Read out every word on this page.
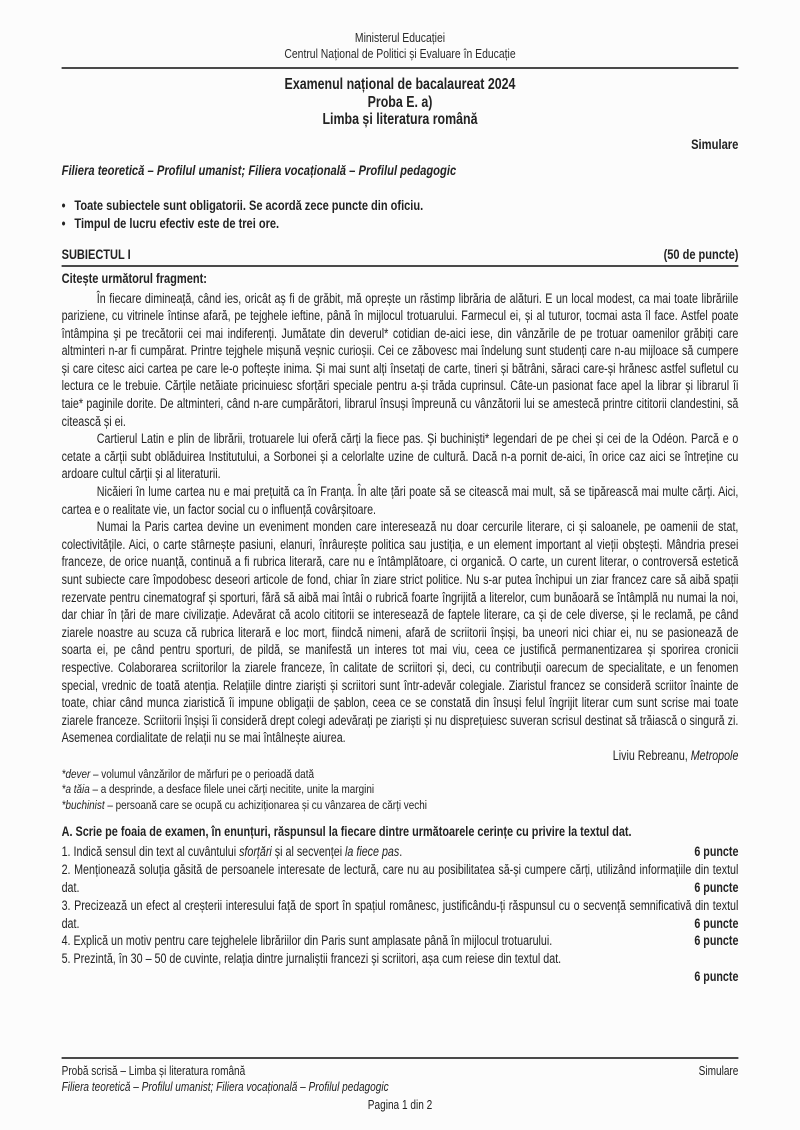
Ministerul Educației
Centrul Național de Politici și Evaluare în Educație
Examenul național de bacalaureat 2024
Proba E. a)
Limba și literatura română
Simulare
Filiera teoretică – Profilul umanist; Filiera vocațională – Profilul pedagogic
• Toate subiectele sunt obligatorii. Se acordă zece puncte din oficiu.
• Timpul de lucru efectiv este de trei ore.
SUBIECTUL I	(50 de puncte)
Citește următorul fragment:

În fiecare dimineață, când ies, oricât aș fi de grăbit, mă oprește un răstimp librăria de alături. E un local modest, ca mai toate librăriile pariziene, cu vitrinele întinse afară, pe tejghele ieftine, până în mijlocul trotuarului. Farmecul ei, și al tuturor, tocmai asta îl face. Astfel poate întâmpina și pe trecătorii cei mai indiferenți. Jumătate din deverul* cotidian de-aici iese, din vânzările de pe trotuar oamenilor grăbiți care altminteri n-ar fi cumpărat. Printre tejghele mișună veșnic curioșii. Cei ce zăbovesc mai îndelung sunt studenți care n-au mijloace să cumpere și care citesc aici cartea pe care le-o poftește inima. Și mai sunt alți însetați de carte, tineri și bătrâni, săraci care-și hrănesc astfel sufletul cu lectura ce le trebuie. Cărțile netăiate pricinuiesc sforțări speciale pentru a-și trăda cuprinsul. Câte-un pasionat face apel la librar și librarul îi taie* paginile dorite. De altminteri, când n-are cumpărători, librarul însuși împreună cu vânzătorii lui se amestecă printre cititorii clandestini, să citească și ei.

Cartierul Latin e plin de librării, trotuarele lui oferă cărți la fiece pas. Și buchiniști* legendari de pe chei și cei de la Odéon. Parcă e o cetate a cărții subt oblăduirea Institutului, a Sorbonei și a celorlalte uzine de cultură. Dacă n-a pornit de-aici, în orice caz aici se întreține cu ardoare cultul cărții și al literaturii.

Nicăieri în lume cartea nu e mai prețuită ca în Franța. În alte țări poate să se citească mai mult, să se tipărească mai multe cărți. Aici, cartea e o realitate vie, un factor social cu o influență covârșitoare.

Numai la Paris cartea devine un eveniment monden care interesează nu doar cercurile literare, ci și saloanele, pe oamenii de stat, colectivitățile. Aici, o carte stârnește pasiuni, elanuri, înrâurește politica sau justiția, e un element important al vieții obștești. Mândria presei franceze, de orice nuanță, continuă a fi rubrica literară, care nu e întâmplătoare, ci organică. O carte, un curent literar, o controversă estetică sunt subiecte care împodobesc deseori articole de fond, chiar în ziare strict politice. Nu s-ar putea închipui un ziar francez care să aibă spații rezervate pentru cinematograf și sporturi, fără să aibă mai întâi o rubrică foarte îngrijită a literelor, cum bunăoară se întâmplă nu numai la noi, dar chiar în țări de mare civilizație. Adevărat că acolo cititorii se interesează de faptele literare, ca și de cele diverse, și le reclamă, pe când ziarele noastre au scuza că rubrica literară e loc mort, fiindcă nimeni, afară de scriitorii înșiși, ba uneori nici chiar ei, nu se pasionează de soarta ei, pe când pentru sporturi, de pildă, se manifestă un interes tot mai viu, ceea ce justifică permanentizarea și sporirea cronicii respective. Colaborarea scriitorilor la ziarele franceze, în calitate de scriitori și, deci, cu contribuții oarecum de specialitate, e un fenomen special, vrednic de toată atenția. Relațiile dintre ziariști și scriitori sunt într-adevăr colegiale. Ziaristul francez se consideră scriitor înainte de toate, chiar când munca ziaristică îi impune obligații de șablon, ceea ce se constată din însuși felul îngrijit literar cum sunt scrise mai toate ziarele franceze. Scriitorii înșiși îi consideră drept colegi adevărați pe ziariști și nu disprețuiesc suveran scrisul destinat să trăiască o singură zi. Asemenea cordialitate de relații nu se mai întâlnește aiurea.

Liviu Rebreanu, Metropole

*dever – volumul vânzărilor de mărfuri pe o perioadă dată

*a tăia – a desprinde, a desface filele unei cărți necitite, unite la margini

*buchinist – persoană care se ocupă cu achiziționarea și cu vânzarea de cărți vechi

A. Scrie pe foaia de examen, în enunțuri, răspunsul la fiecare dintre următoarele cerințe cu privire la textul dat.

1. Indică sensul din text al cuvântului sforțări și al secvenței la fiece pas.	6 puncte

2. Menționează soluția găsită de persoanele interesate de lectură, care nu au posibilitatea să-și cumpere cărți, utilizând informațiile din textul dat.	6 puncte

3. Precizează un efect al creșterii interesului față de sport în spațiul românesc, justificându-ți răspunsul cu o secvență semnificativă din textul dat.	6 puncte

4. Explică un motiv pentru care tejghelele librăriilor din Paris sunt amplasate până în mijlocul trotuarului.	6 puncte

5. Prezintă, în 30 – 50 de cuvinte, relația dintre jurnaliștii francezi și scriitori, așa cum reiese din textul dat.
6 puncte

Probă scrisă – Limba și literatura română	Simulare
Filiera teoretică – Profilul umanist; Filiera vocațională – Profilul pedagogic
Pagina 1 din 2
